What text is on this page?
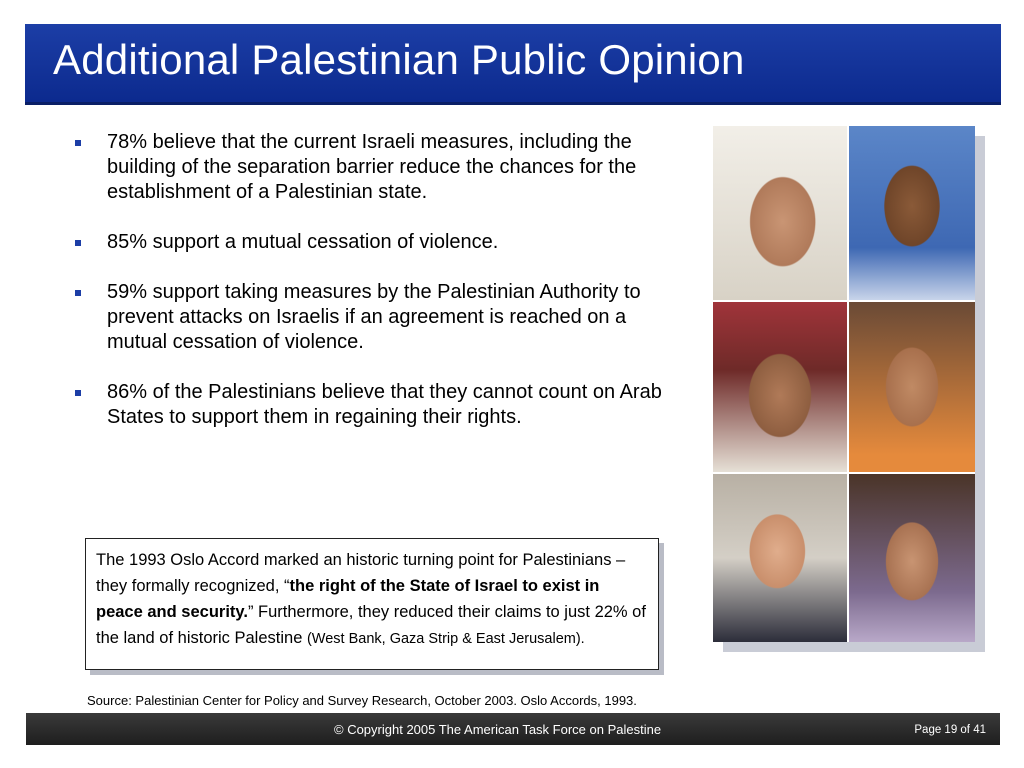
Additional Palestinian Public Opinion
78% believe that the current Israeli measures, including the building of the separation barrier reduce the chances for the establishment of a Palestinian state.
85% support a mutual cessation of violence.
59% support taking measures by the Palestinian Authority to prevent attacks on Israelis if an agreement is reached on a mutual cessation of violence.
86% of the Palestinians believe that they cannot count on Arab States to support them in regaining their rights.
The 1993 Oslo Accord marked an historic turning point for Palestinians – they formally recognized, “the right of the State of Israel to exist in peace and security.” Furthermore, they reduced their claims to just 22% of the land of historic Palestine (West Bank, Gaza Strip & East Jerusalem).
Source: Palestinian Center for Policy and Survey Research, October 2003. Oslo Accords, 1993.
© Copyright 2005 The American Task Force on Palestine	Page 19 of 41
